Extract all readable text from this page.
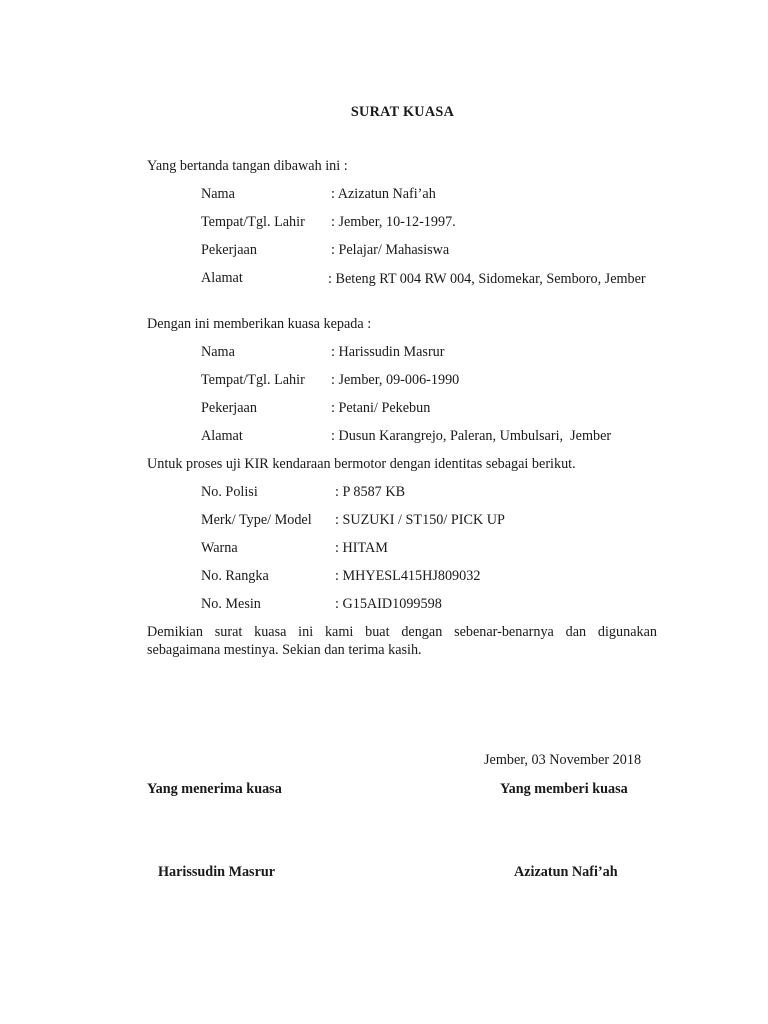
SURAT KUASA
Yang bertanda tangan dibawah ini :
Nama	: Azizatun Nafi’ah
Tempat/Tgl. Lahir : Jember, 10-12-1997.
Pekerjaan	: Pelajar/ Mahasiswa
Alamat	: Beteng RT 004 RW 004, Sidomekar, Semboro, Jember
Dengan ini memberikan kuasa kepada :
Nama	: Harissudin Masrur
Tempat/Tgl. Lahir : Jember, 09-006-1990
Pekerjaan	: Petani/ Pekebun
Alamat	: Dusun Karangrejo, Paleran, Umbulsari,  Jember
Untuk proses uji KIR kendaraan bermotor dengan identitas sebagai berikut.
No. Polisi	: P 8587 KB
Merk/ Type/ Model : SUZUKI / ST150/ PICK UP
Warna	: HITAM
No. Rangka	: MHYESL415HJ809032
No. Mesin	: G15AID1099598
Demikian surat kuasa ini kami buat dengan sebenar-benarnya dan digunakan sebagaimana mestinya. Sekian dan terima kasih.
Jember, 03 November 2018
Yang menerima kuasa	Yang memberi kuasa
Harissudin Masrur	Azizatun Nafi’ah
